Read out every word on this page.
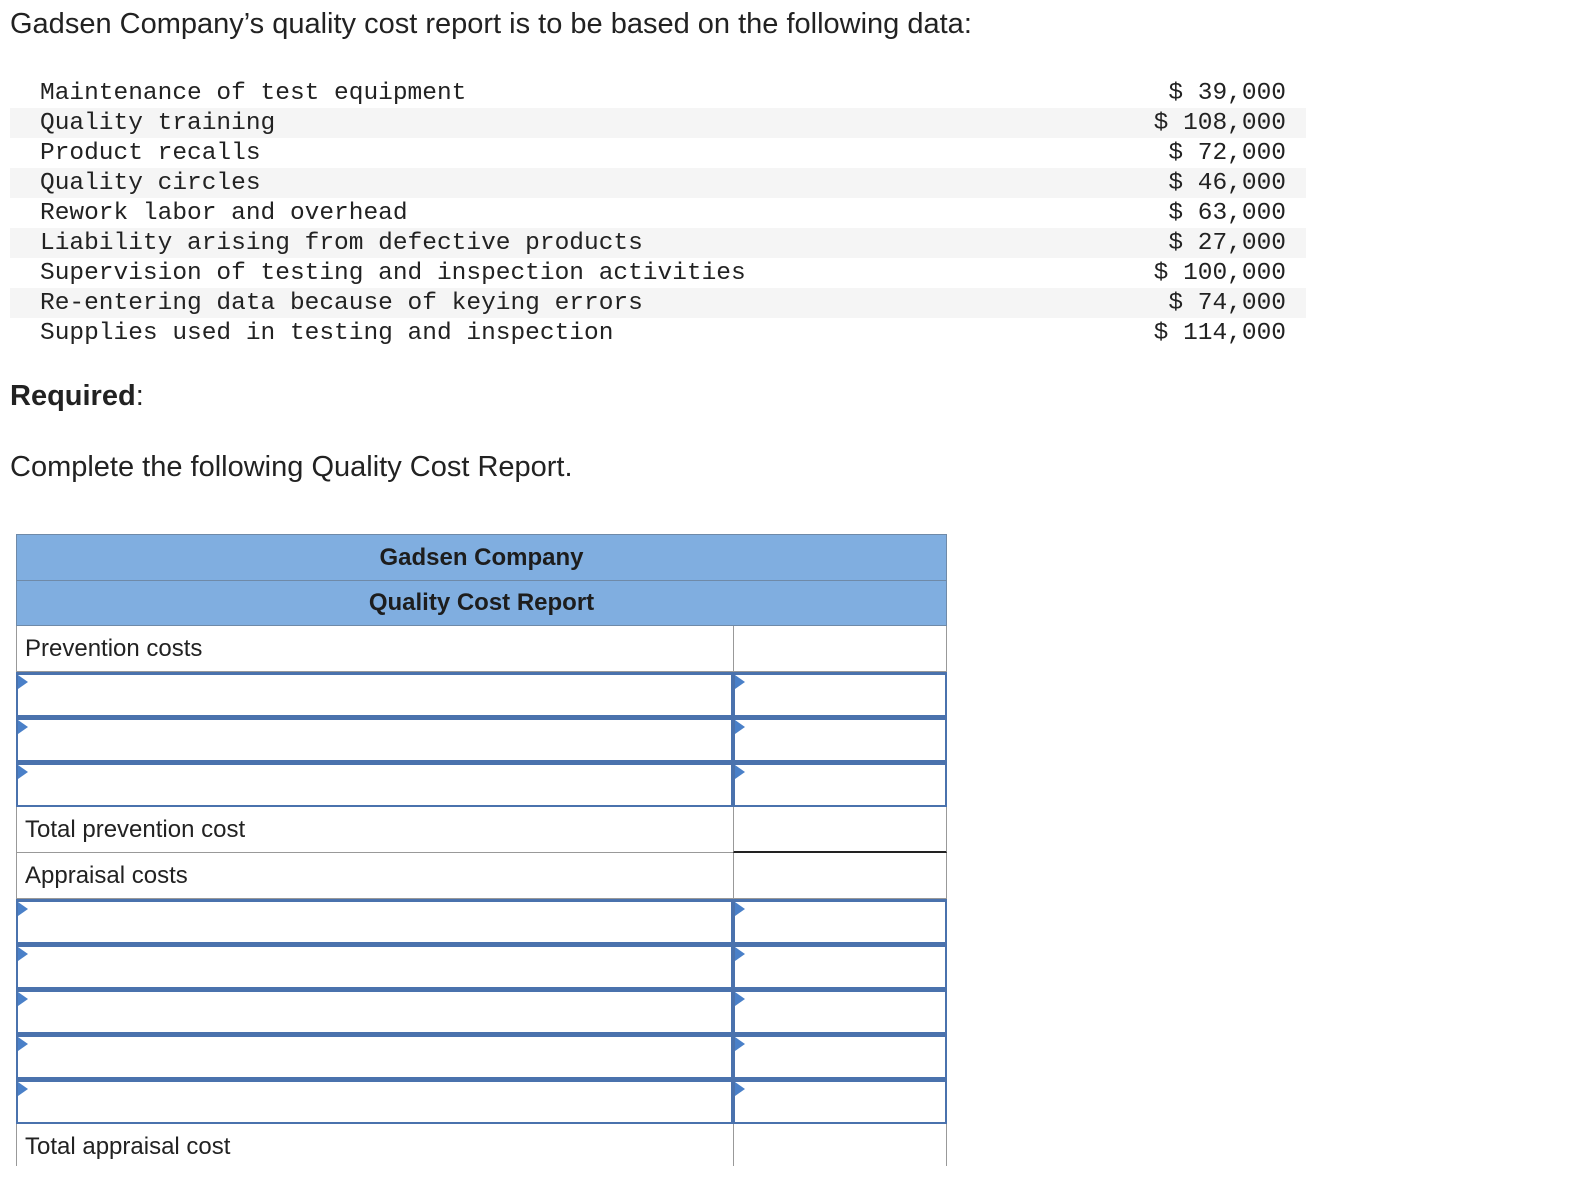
Gadsen Company’s quality cost report is to be based on the following data:
Maintenance of test equipment	$ 39,000
Quality training	$ 108,000
Product recalls	$ 72,000
Quality circles	$ 46,000
Rework labor and overhead	$ 63,000
Liability arising from defective products	$ 27,000
Supervision of testing and inspection activities	$ 100,000
Re-entering data because of keying errors	$ 74,000
Supplies used in testing and inspection	$ 114,000
Required:
Complete the following Quality Cost Report.
Gadsen Company
Quality Cost Report
Prevention costs
Total prevention cost
Appraisal costs
Total appraisal cost
